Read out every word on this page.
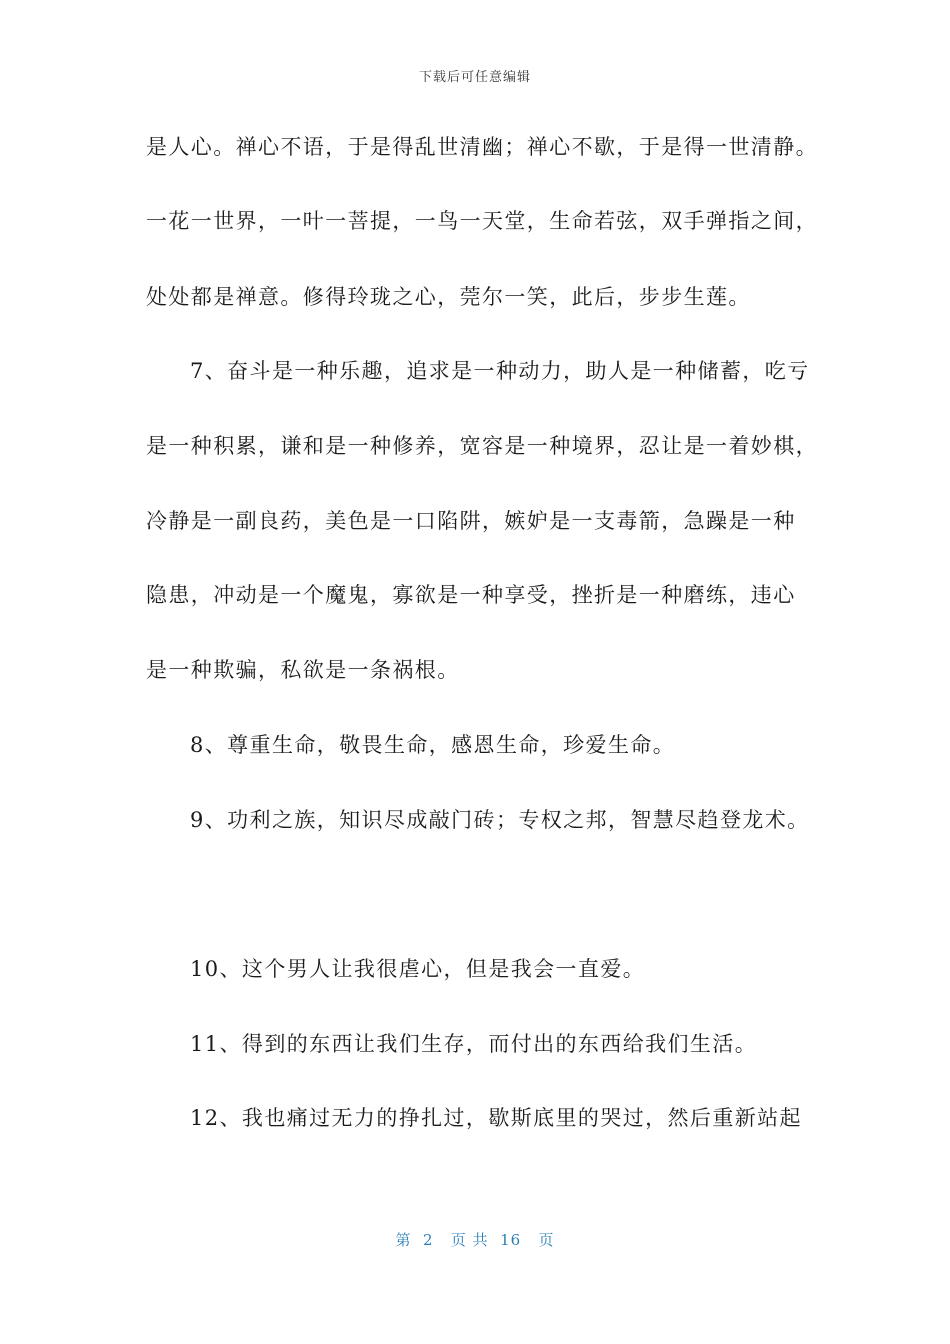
下载后可任意编辑
是人心。禅心不语，于是得乱世清幽；禅心不歇，于是得一世清静。
一花一世界，一叶一菩提，一鸟一天堂，生命若弦，双手弹指之间，
处处都是禅意。修得玲珑之心，莞尔一笑，此后，步步生莲。
7、奋斗是一种乐趣，追求是一种动力，助人是一种储蓄，吃亏
是一种积累，谦和是一种修养，宽容是一种境界，忍让是一着妙棋，
冷静是一副良药，美色是一口陷阱，嫉妒是一支毒箭，急躁是一种
隐患，冲动是一个魔鬼，寡欲是一种享受，挫折是一种磨练，违心
是一种欺骗，私欲是一条祸根。
8、尊重生命，敬畏生命，感恩生命，珍爱生命。
9、功利之族，知识尽成敲门砖；专权之邦，智慧尽趋登龙术。
10、这个男人让我很虐心，但是我会一直爱。
11、得到的东西让我们生存，而付出的东西给我们生活。
12、我也痛过无力的挣扎过，歇斯底里的哭过，然后重新站起
第  2   页 共  16   页
